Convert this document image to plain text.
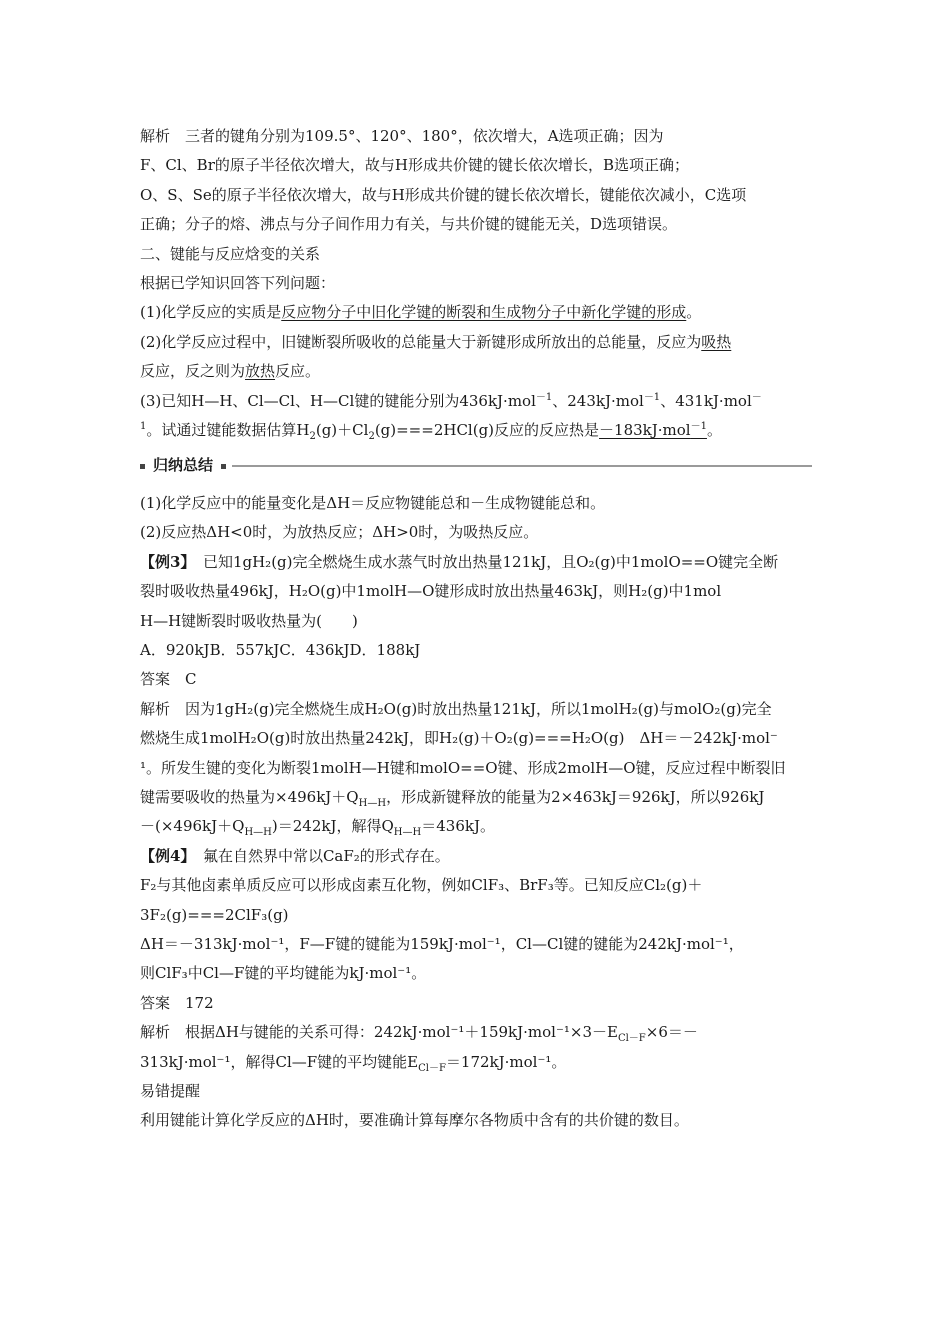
解析　三者的键角分别为109.5°、120°、180°，依次增大，A选项正确；因为

F、Cl、Br的原子半径依次增大，故与H形成共价键的键长依次增长，B选项正确；

O、S、Se的原子半径依次增大，故与H形成共价键的键长依次增长，键能依次减小，C选项

正确；分子的熔、沸点与分子间作用力有关，与共价键的键能无关，D选项错误。

二、键能与反应焓变的关系

根据已学知识回答下列问题：

(1)化学反应的实质是反应物分子中旧化学键的断裂和生成物分子中新化学键的形成。

(2)化学反应过程中，旧键断裂所吸收的总能量大于新键形成所放出的总能量，反应为吸热

反应，反之则为放热反应。

(3)已知H—H、Cl—Cl、H—Cl键的键能分别为436kJ·mol$^{-1}$、243kJ·mol$^{-1}$、431kJ·mol－

$^1$。试通过键能数据估算$H_2(g)+Cl_2(g)===2HCl(g)$反应的反应热是－183kJ·mol$^{-1}$。

归纳总结

(1)化学反应中的能量变化是ΔH＝反应物键能总和－生成物键能总和。

(2)反应热ΔH<0时，为放热反应；ΔH>0时，为吸热反应。

【例3】　 已知1gH₂(g)完全燃烧生成水蒸气时放出热量121kJ，且O₂(g)中1molO==O键完全断

裂时吸收热量496kJ，H₂O(g)中1molH—O键形成时放出热量463kJ，则H₂(g)中1mol

H—H键断裂时吸收热量为(　　)

A．920kJB．557kJC．436kJD．188kJ

答案　C

解析　因为1gH₂(g)完全燃烧生成H₂O(g)时放出热量121kJ，所以1molH₂(g)与molO₂(g)完全

燃烧生成1molH₂O(g)时放出热量242kJ，即H₂(g)＋O₂(g)===H₂O(g)　ΔH＝－242kJ·mol⁻

¹。所发生键的变化为断裂1molH—H键和molO==O键、形成2molH—O键，反应过程中断裂旧

键需要吸收的热量为$\times 496kJ+Q_{H—H}$，形成新键释放的能量为2×463kJ＝926kJ，所以926kJ

$-(\times 496kJ+Q_{H—H})=242kJ$，解得$Q_{H—H}=436kJ$。

【例4】　 氟在自然界中常以CaF₂的形式存在。

F₂与其他卤素单质反应可以形成卤素互化物，例如ClF₃、BrF₃等。已知反应Cl₂(g)＋

3F₂(g)===2ClF₃(g)

ΔH＝－313kJ·mol⁻¹，F—F键的键能为159kJ·mol⁻¹，Cl—Cl键的键能为242kJ·mol⁻¹，

则ClF₃中Cl—F键的平均键能为kJ·mol⁻¹。

答案　172

解析　根据ΔH与键能的关系可得：$242kJ\cdot mol^{-1}+159kJ\cdot mol^{-1}\times 3-E_{Cl-F}\times 6=-$

313kJ·mol⁻¹，解得Cl—F键的平均键能$E_{Cl-F}=172kJ\cdot mol^{-1}$。

易错提醒

利用键能计算化学反应的ΔH时，要准确计算每摩尔各物质中含有的共价键的数目。
